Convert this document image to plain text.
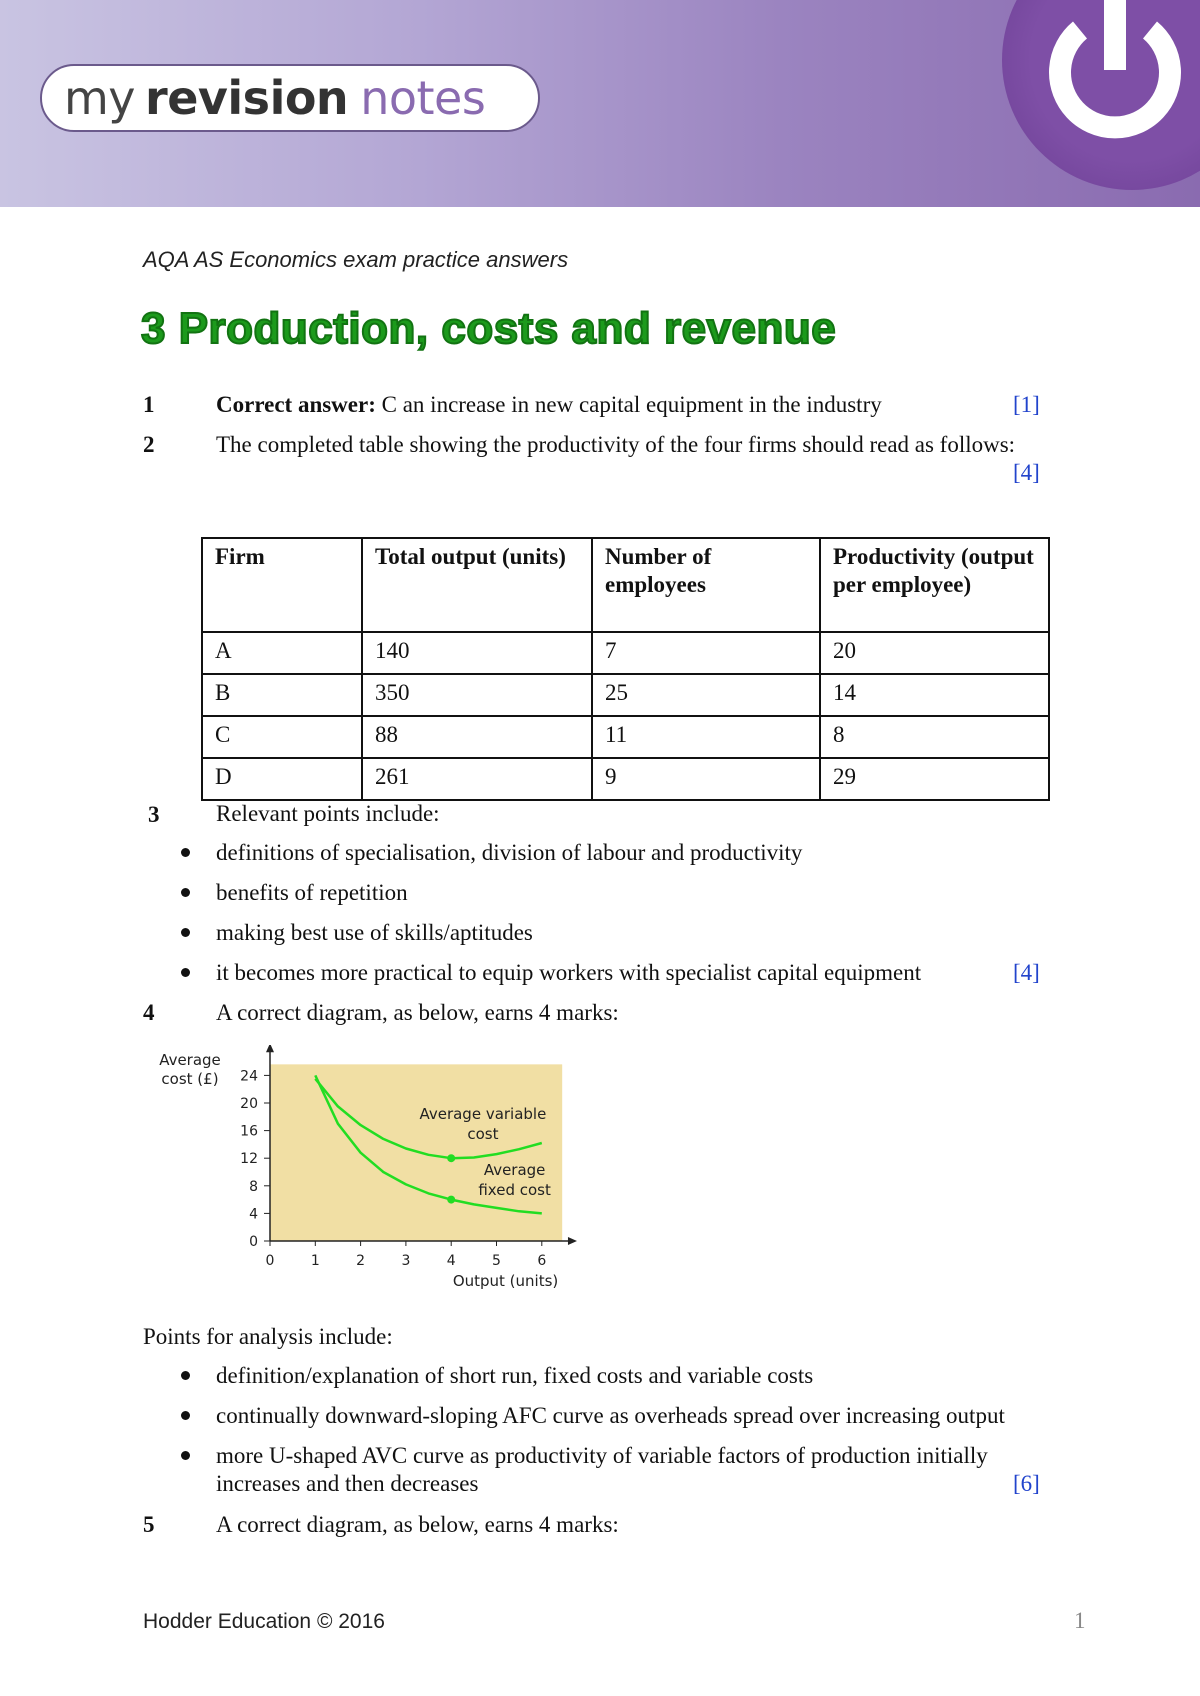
my revision notes
AQA AS Economics exam practice answers
3 Production, costs and revenue
1	Correct answer: C an increase in new capital equipment in the industry	[1]
2	The completed table showing the productivity of the four firms should read as follows:
[4]
Firm	Total output (units)	Number of employees	Productivity (output per employee)
A	140	7	20
B	350	25	14
C	88	11	8
D	261	9	29
3 Relevant points include:
definitions of specialisation, division of labour and productivity
benefits of repetition
making best use of skills/aptitudes
it becomes more practical to equip workers with specialist capital equipment	[4]
4	A correct diagram, as below, earns 4 marks:
0	1	2	3	4	5	6
0
4
8
12
16
20
24
Average
cost (£)
Output (units)
Average variable
cost
Average
fixed cost
Points for analysis include:
definition/explanation of short run, fixed costs and variable costs
continually downward-sloping AFC curve as overheads spread over increasing output
more U-shaped AVC curve as productivity of variable factors of production initially
increases and then decreases	[6]
5	A correct diagram, as below, earns 4 marks:
Hodder Education © 2016	1
